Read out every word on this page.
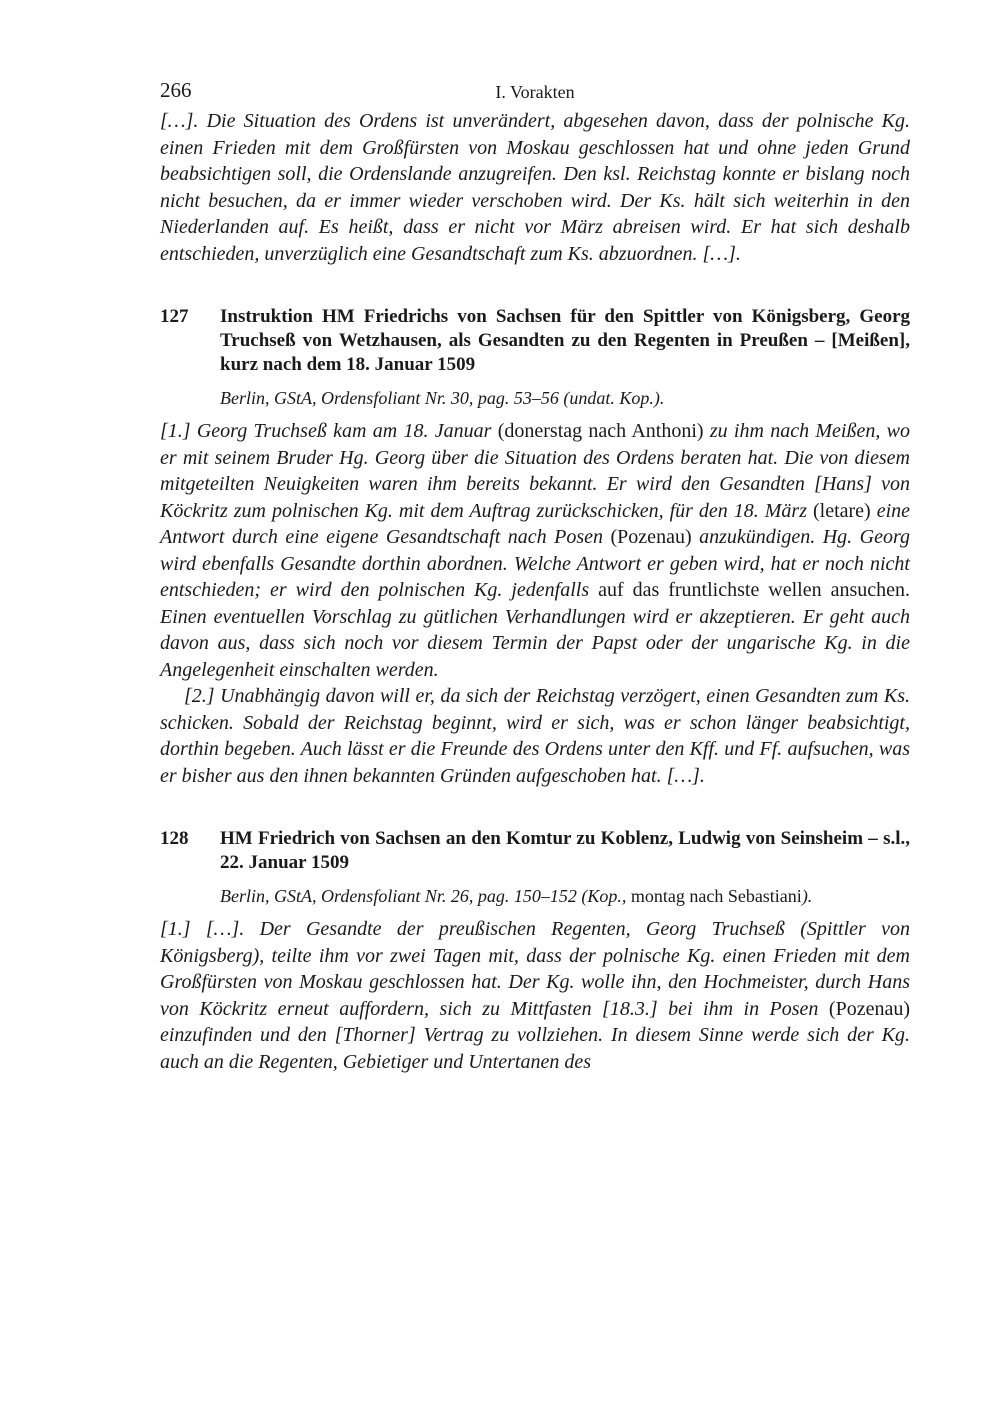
266	I. Vorakten

[…]. Die Situation des Ordens ist unverändert, abgesehen davon, dass der polnische Kg. einen Frieden mit dem Großfürsten von Moskau geschlossen hat und ohne jeden Grund beabsichtigen soll, die Ordenslande anzugreifen. Den ksl. Reichstag konnte er bislang noch nicht besuchen, da er immer wieder verschoben wird. Der Ks. hält sich weiterhin in den Niederlanden auf. Es heißt, dass er nicht vor März abreisen wird. Er hat sich deshalb entschieden, unverzüglich eine Gesandtschaft zum Ks. abzuordnen. […].

127 Instruktion HM Friedrichs von Sachsen für den Spittler von Königsberg, Georg Truchseß von Wetzhausen, als Gesandten zu den Regenten in Preußen – [Meißen], kurz nach dem 18. Januar 1509

Berlin, GStA, Ordensfoliant Nr. 30, pag. 53–56 (undat. Kop.).

[1.] Georg Truchseß kam am 18. Januar (donerstag nach Anthoni) zu ihm nach Meißen, wo er mit seinem Bruder Hg. Georg über die Situation des Ordens beraten hat. Die von diesem mitgeteilten Neuigkeiten waren ihm bereits bekannt. Er wird den Gesandten [Hans] von Köckritz zum polnischen Kg. mit dem Auftrag zurückschicken, für den 18. März (letare) eine Antwort durch eine eigene Gesandtschaft nach Posen (Pozenau) anzukündigen. Hg. Georg wird ebenfalls Gesandte dorthin abordnen. Welche Antwort er geben wird, hat er noch nicht entschieden; er wird den polnischen Kg. jedenfalls auf das fruntlichste wellen ansuchen. Einen eventuellen Vorschlag zu gütlichen Verhandlungen wird er akzeptieren. Er geht auch davon aus, dass sich noch vor diesem Termin der Papst oder der ungarische Kg. in die Angelegenheit einschalten werden.

[2.] Unabhängig davon will er, da sich der Reichstag verzögert, einen Gesandten zum Ks. schicken. Sobald der Reichstag beginnt, wird er sich, was er schon länger beabsichtigt, dorthin begeben. Auch lässt er die Freunde des Ordens unter den Kff. und Ff. aufsuchen, was er bisher aus den ihnen bekannten Gründen aufgeschoben hat. […].

128 HM Friedrich von Sachsen an den Komtur zu Koblenz, Ludwig von Seinsheim – s.l., 22. Januar 1509

Berlin, GStA, Ordensfoliant Nr. 26, pag. 150–152 (Kop., montag nach Sebastiani).

[1.] […]. Der Gesandte der preußischen Regenten, Georg Truchseß (Spittler von Königsberg), teilte ihm vor zwei Tagen mit, dass der polnische Kg. einen Frieden mit dem Großfürsten von Moskau geschlossen hat. Der Kg. wolle ihn, den Hochmeister, durch Hans von Köckritz erneut auffordern, sich zu Mittfasten [18.3.] bei ihm in Posen (Pozenau) einzufinden und den [Thorner] Vertrag zu vollziehen. In diesem Sinne werde sich der Kg. auch an die Regenten, Gebietiger und Untertanen des
